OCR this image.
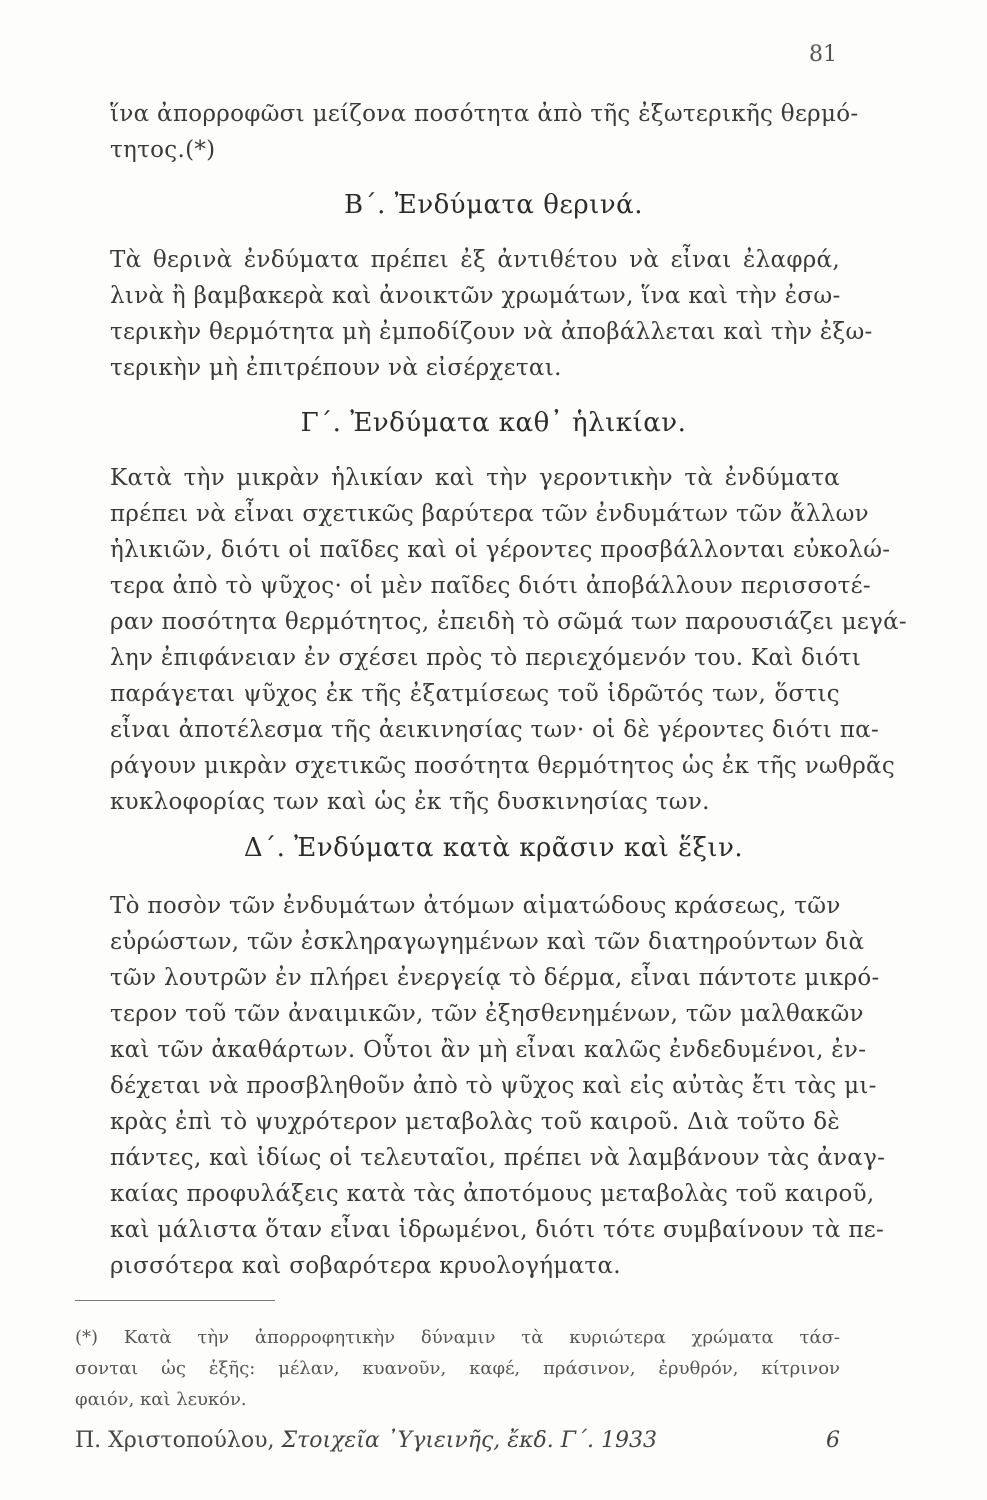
81
ἵνα ἀπορροφῶσι μείζονα ποσότητα ἀπὸ τῆς ἐξωτερικῆς θερμό-
τητος.(*)
Β΄. Ἐνδύματα θερινά.
Τὰ θερινὰ ἐνδύματα πρέπει ἐξ ἀντιθέτου νὰ εἶναι ἐλαφρά,
λινὰ ἢ βαμβακερὰ καὶ ἀνοικτῶν χρωμάτων, ἵνα καὶ τὴν ἐσω-
τερικὴν θερμότητα μὴ ἐμποδίζουν νὰ ἀποβάλλεται καὶ τὴν ἐξω-
τερικὴν μὴ ἐπιτρέπουν νὰ εἰσέρχεται.
Γ΄. Ἐνδύματα καθ᾽ ἡλικίαν.
Κατὰ τὴν μικρὰν ἡλικίαν καὶ τὴν γεροντικὴν τὰ ἐνδύματα
πρέπει νὰ εἶναι σχετικῶς βαρύτερα τῶν ἐνδυμάτων τῶν ἄλλων
ἡλικιῶν, διότι οἱ παῖδες καὶ οἱ γέροντες προσβάλλονται εὐκολώ-
τερα ἀπὸ τὸ ψῦχος· οἱ μὲν παῖδες διότι ἀποβάλλουν περισσοτέ-
ραν ποσότητα θερμότητος, ἐπειδὴ τὸ σῶμά των παρουσιάζει μεγά-
λην ἐπιφάνειαν ἐν σχέσει πρὸς τὸ περιεχόμενόν του. Καὶ διότι
παράγεται ψῦχος ἐκ τῆς ἐξατμίσεως τοῦ ἱδρῶτός των, ὅστις
εἶναι ἀποτέλεσμα τῆς ἀεικινησίας των· οἱ δὲ γέροντες διότι πα-
ράγουν μικρὰν σχετικῶς ποσότητα θερμότητος ὡς ἐκ τῆς νωθρᾶς
κυκλοφορίας των καὶ ὡς ἐκ τῆς δυσκινησίας των.
Δ΄. Ἐνδύματα κατὰ κρᾶσιν καὶ ἕξιν.
Τὸ ποσὸν τῶν ἐνδυμάτων ἀτόμων αἱματώδους κράσεως, τῶν
εὐρώστων, τῶν ἐσκληραγωγημένων καὶ τῶν διατηρούντων διὰ
τῶν λουτρῶν ἐν πλήρει ἐνεργείᾳ τὸ δέρμα, εἶναι πάντοτε μικρό-
τερον τοῦ τῶν ἀναιμικῶν, τῶν ἐξησθενημένων, τῶν μαλθακῶν
καὶ τῶν ἀκαθάρτων. Οὗτοι ἂν μὴ εἶναι καλῶς ἐνδεδυμένοι, ἐν-
δέχεται νὰ προσβληθοῦν ἀπὸ τὸ ψῦχος καὶ εἰς αὐτὰς ἔτι τὰς μι-
κρὰς ἐπὶ τὸ ψυχρότερον μεταβολὰς τοῦ καιροῦ. Διὰ τοῦτο δὲ
πάντες, καὶ ἰδίως οἱ τελευταῖοι, πρέπει νὰ λαμβάνουν τὰς ἀναγ-
καίας προφυλάξεις κατὰ τὰς ἀποτόμους μεταβολὰς τοῦ καιροῦ,
καὶ μάλιστα ὅταν εἶναι ἱδρωμένοι, διότι τότε συμβαίνουν τὰ πε-
ρισσότερα καὶ σοβαρότερα κρυολογήματα.
(*) Κατὰ τὴν ἀπορροφητικὴν δύναμιν τὰ κυριώτερα χρώματα τάσ-
σονται ὡς ἑξῆς: μέλαν, κυανοῦν, καφέ, πράσινον, ἐρυθρόν, κίτρινον
φαιόν, καὶ λευκόν.
Π. Χριστοπούλου, Στοιχεῖα ᾿Υγιεινῆς, ἔκδ. Γ΄. 1933	6
